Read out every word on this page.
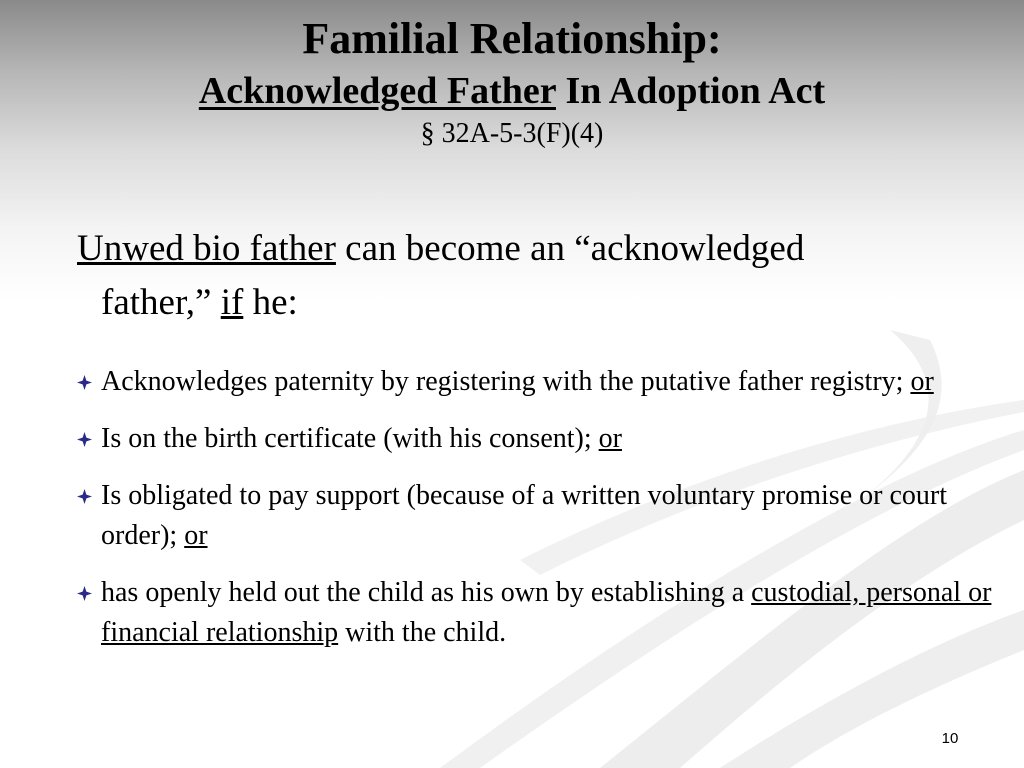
Familial Relationship:
Acknowledged Father In Adoption Act
§ 32A-5-3(F)(4)
Unwed bio father can become an “acknowledged
father,” if he:
Acknowledges paternity by registering with the putative father registry; or
Is on the birth certificate (with his consent); or
Is obligated to pay support (because of a written voluntary promise or court order); or
has openly held out the child as his own by establishing a custodial, personal or financial relationship with the child.
10
